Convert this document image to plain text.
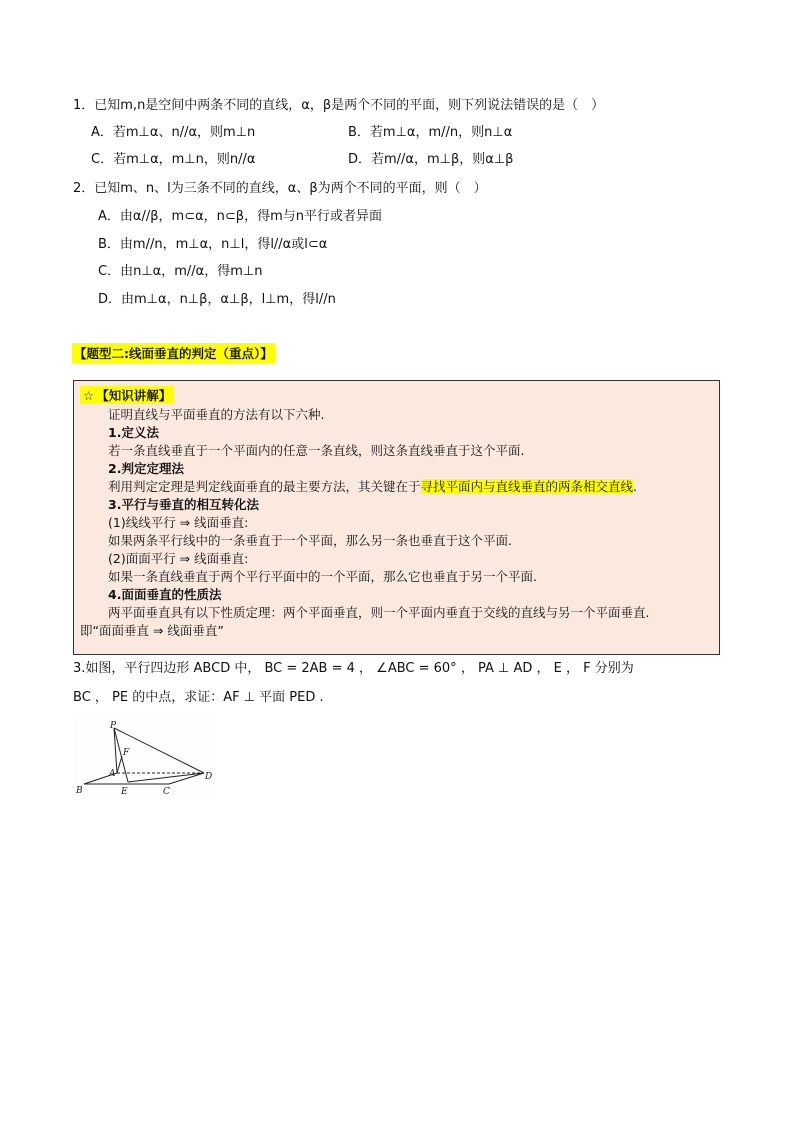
1．已知m,n是空间中两条不同的直线，α，β是两个不同的平面，则下列说法错误的是（　）
A．若m⊥α、n//α，则m⊥n	B．若m⊥α，m//n，则n⊥α
C．若m⊥α，m⊥n，则n//α	D．若m//α，m⊥β，则α⊥β
2．已知m、n、l为三条不同的直线，α、β为两个不同的平面，则（　）
A．由α//β，m⊂α，n⊂β，得m与n平行或者异面
B．由m//n，m⊥α，n⊥l，得l//α或l⊂α
C．由n⊥α，m//α，得m⊥n
D．由m⊥α，n⊥β，α⊥β，l⊥m，得l//n
【题型二:线面垂直的判定（重点）】
☆ 【知识讲解】
证明直线与平面垂直的方法有以下六种.
1.定义法
若一条直线垂直于一个平面内的任意一条直线，则这条直线垂直于这个平面.
2.判定定理法
利用判定定理是判定线面垂直的最主要方法，其关键在于寻找平面内与直线垂直的两条相交直线.
3.平行与垂直的相互转化法
(1)线线平行 ⇒ 线面垂直:
如果两条平行线中的一条垂直于一个平面，那么另一条也垂直于这个平面.
(2)面面平行 ⇒ 线面垂直:
如果一条直线垂直于两个平行平面中的一个平面，那么它也垂直于另一个平面.
4.面面垂直的性质法
两平面垂直具有以下性质定理：两个平面垂直，则一个平面内垂直于交线的直线与另一个平面垂直.
即“面面垂直 ⇒ 线面垂直”
3.如图，平行四边形 ABCD 中， BC = 2AB = 4 ， ∠ABC = 60° ， PA ⊥ AD ， E ， F 分别为
BC ， PE 的中点，求证：AF ⊥ 平面 PED .
P
A
B	C
D
E
F
